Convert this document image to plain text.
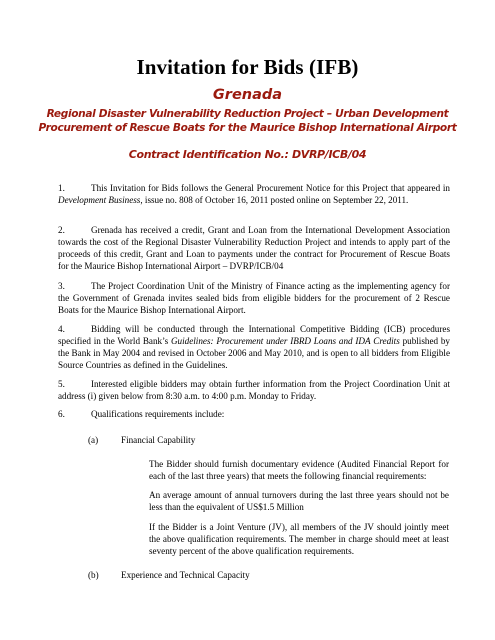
Invitation for Bids (IFB)
Grenada
Regional Disaster Vulnerability Reduction Project – Urban Development
Procurement of Rescue Boats for the Maurice Bishop International Airport
Contract Identification No.: DVRP/ICB/04
1.	This Invitation for Bids follows the General Procurement Notice for this Project that appeared in Development Business, issue no. 808 of October 16, 2011 posted online on September 22, 2011.
2.	Grenada has received a credit, Grant and Loan from the International Development Association towards the cost of the Regional Disaster Vulnerability Reduction Project and intends to apply part of the proceeds of this credit, Grant and Loan to payments under the contract for Procurement of Rescue Boats for the Maurice Bishop International Airport – DVRP/ICB/04
3.	The Project Coordination Unit of the Ministry of Finance acting as the implementing agency for the Government of Grenada invites sealed bids from eligible bidders for the procurement of 2 Rescue Boats for the Maurice Bishop International Airport.
4.	Bidding will be conducted through the International Competitive Bidding (ICB) procedures specified in the World Bank’s Guidelines: Procurement under IBRD Loans and IDA Credits published by the Bank in May 2004 and revised in October 2006 and May 2010, and is open to all bidders from Eligible Source Countries as defined in the Guidelines.
5.	Interested eligible bidders may obtain further information from the Project Coordination Unit at address (i) given below from 8:30 a.m. to 4:00 p.m. Monday to Friday.
6.	Qualifications requirements include:
(a) Financial Capability
The Bidder should furnish documentary evidence (Audited Financial Report for each of the last three years) that meets the following financial requirements:
An average amount of annual turnovers during the last three years should not be less than the equivalent of US$1.5 Million
If the Bidder is a Joint Venture (JV), all members of the JV should jointly meet the above qualification requirements. The member in charge should meet at least seventy percent of the above qualification requirements.
(b) Experience and Technical Capacity
